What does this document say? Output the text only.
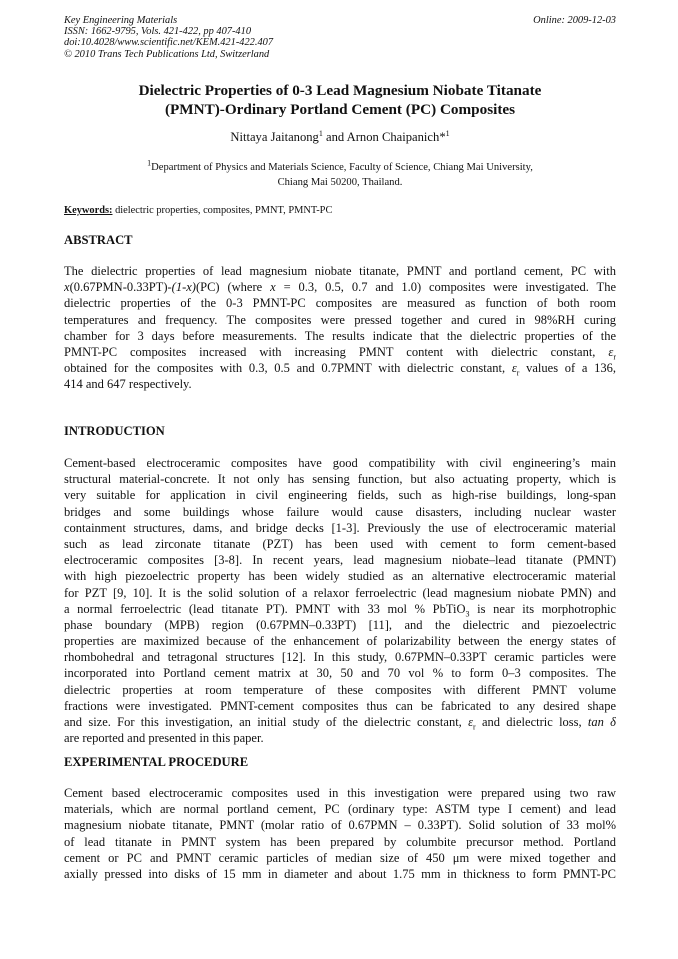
Key Engineering Materials
ISSN: 1662-9795, Vols. 421-422, pp 407-410
doi:10.4028/www.scientific.net/KEM.421-422.407
© 2010 Trans Tech Publications Ltd, Switzerland
Online: 2009-12-03
Dielectric Properties of 0-3 Lead Magnesium Niobate Titanate
(PMNT)-Ordinary Portland Cement (PC) Composites
Nittaya Jaitanong$^1$ and Arnon Chaipanich*$^1$
$^1$Department of Physics and Materials Science, Faculty of Science, Chiang Mai University,
Chiang Mai 50200, Thailand.
Keywords: dielectric properties, composites, PMNT, PMNT-PC
ABSTRACT
The dielectric properties of lead magnesium niobate titanate, PMNT and portland cement, PC with
x(0.67PMN-0.33PT)-(1-x)(PC) (where x = 0.3, 0.5, 0.7 and 1.0) composites were investigated. The
dielectric properties of the 0-3 PMNT-PC composites are measured as function of both room
temperatures and frequency. The composites were pressed together and cured in 98%RH curing
chamber for 3 days before measurements. The results indicate that the dielectric properties of the
PMNT-PC composites increased with increasing PMNT content with dielectric constant, $\varepsilon_r$
obtained for the composites with 0.3, 0.5 and 0.7PMNT with dielectric constant, $\varepsilon_r$ values of a 136,
414 and 647 respectively.
INTRODUCTION
Cement-based electroceramic composites have good compatibility with civil engineering’s main
structural material-concrete. It not only has sensing function, but also actuating property, which is
very suitable for application in civil engineering fields, such as high-rise buildings, long-span
bridges and some buildings whose failure would cause disasters, including nuclear waster
containment structures, dams, and bridge decks [1-3]. Previously the use of electroceramic material
such as lead zirconate titanate (PZT) has been used with cement to form cement-based
electroceramic composites [3-8]. In recent years, lead magnesium niobate–lead titanate (PMNT)
with high piezoelectric property has been widely studied as an alternative electroceramic material
for PZT [9, 10]. It is the solid solution of a relaxor ferroelectric (lead magnesium niobate PMN) and
a normal ferroelectric (lead titanate PT). PMNT with 33 mol % PbTiO$_3$ is near its morphotrophic
phase boundary (MPB) region (0.67PMN–0.33PT) [11], and the dielectric and piezoelectric
properties are maximized because of the enhancement of polarizability between the energy states of
rhombohedral and tetragonal structures [12]. In this study, 0.67PMN–0.33PT ceramic particles were
incorporated into Portland cement matrix at 30, 50 and 70 vol % to form 0–3 composites. The
dielectric properties at room temperature of these composites with different PMNT volume
fractions were investigated. PMNT-cement composites thus can be fabricated to any desired shape
and size. For this investigation, an initial study of the dielectric constant, $\varepsilon_r$ and dielectric loss, tan δ
are reported and presented in this paper.
EXPERIMENTAL PROCEDURE
Cement based electroceramic composites used in this investigation were prepared using two raw
materials, which are normal portland cement, PC (ordinary type: ASTM type I cement) and lead
magnesium niobate titanate, PMNT (molar ratio of 0.67PMN – 0.33PT). Solid solution of 33 mol%
of lead titanate in PMNT system has been prepared by columbite precursor method. Portland
cement or PC and PMNT ceramic particles of median size of 450 μm were mixed together and
axially pressed into disks of 15 mm in diameter and about 1.75 mm in thickness to form PMNT-PC
